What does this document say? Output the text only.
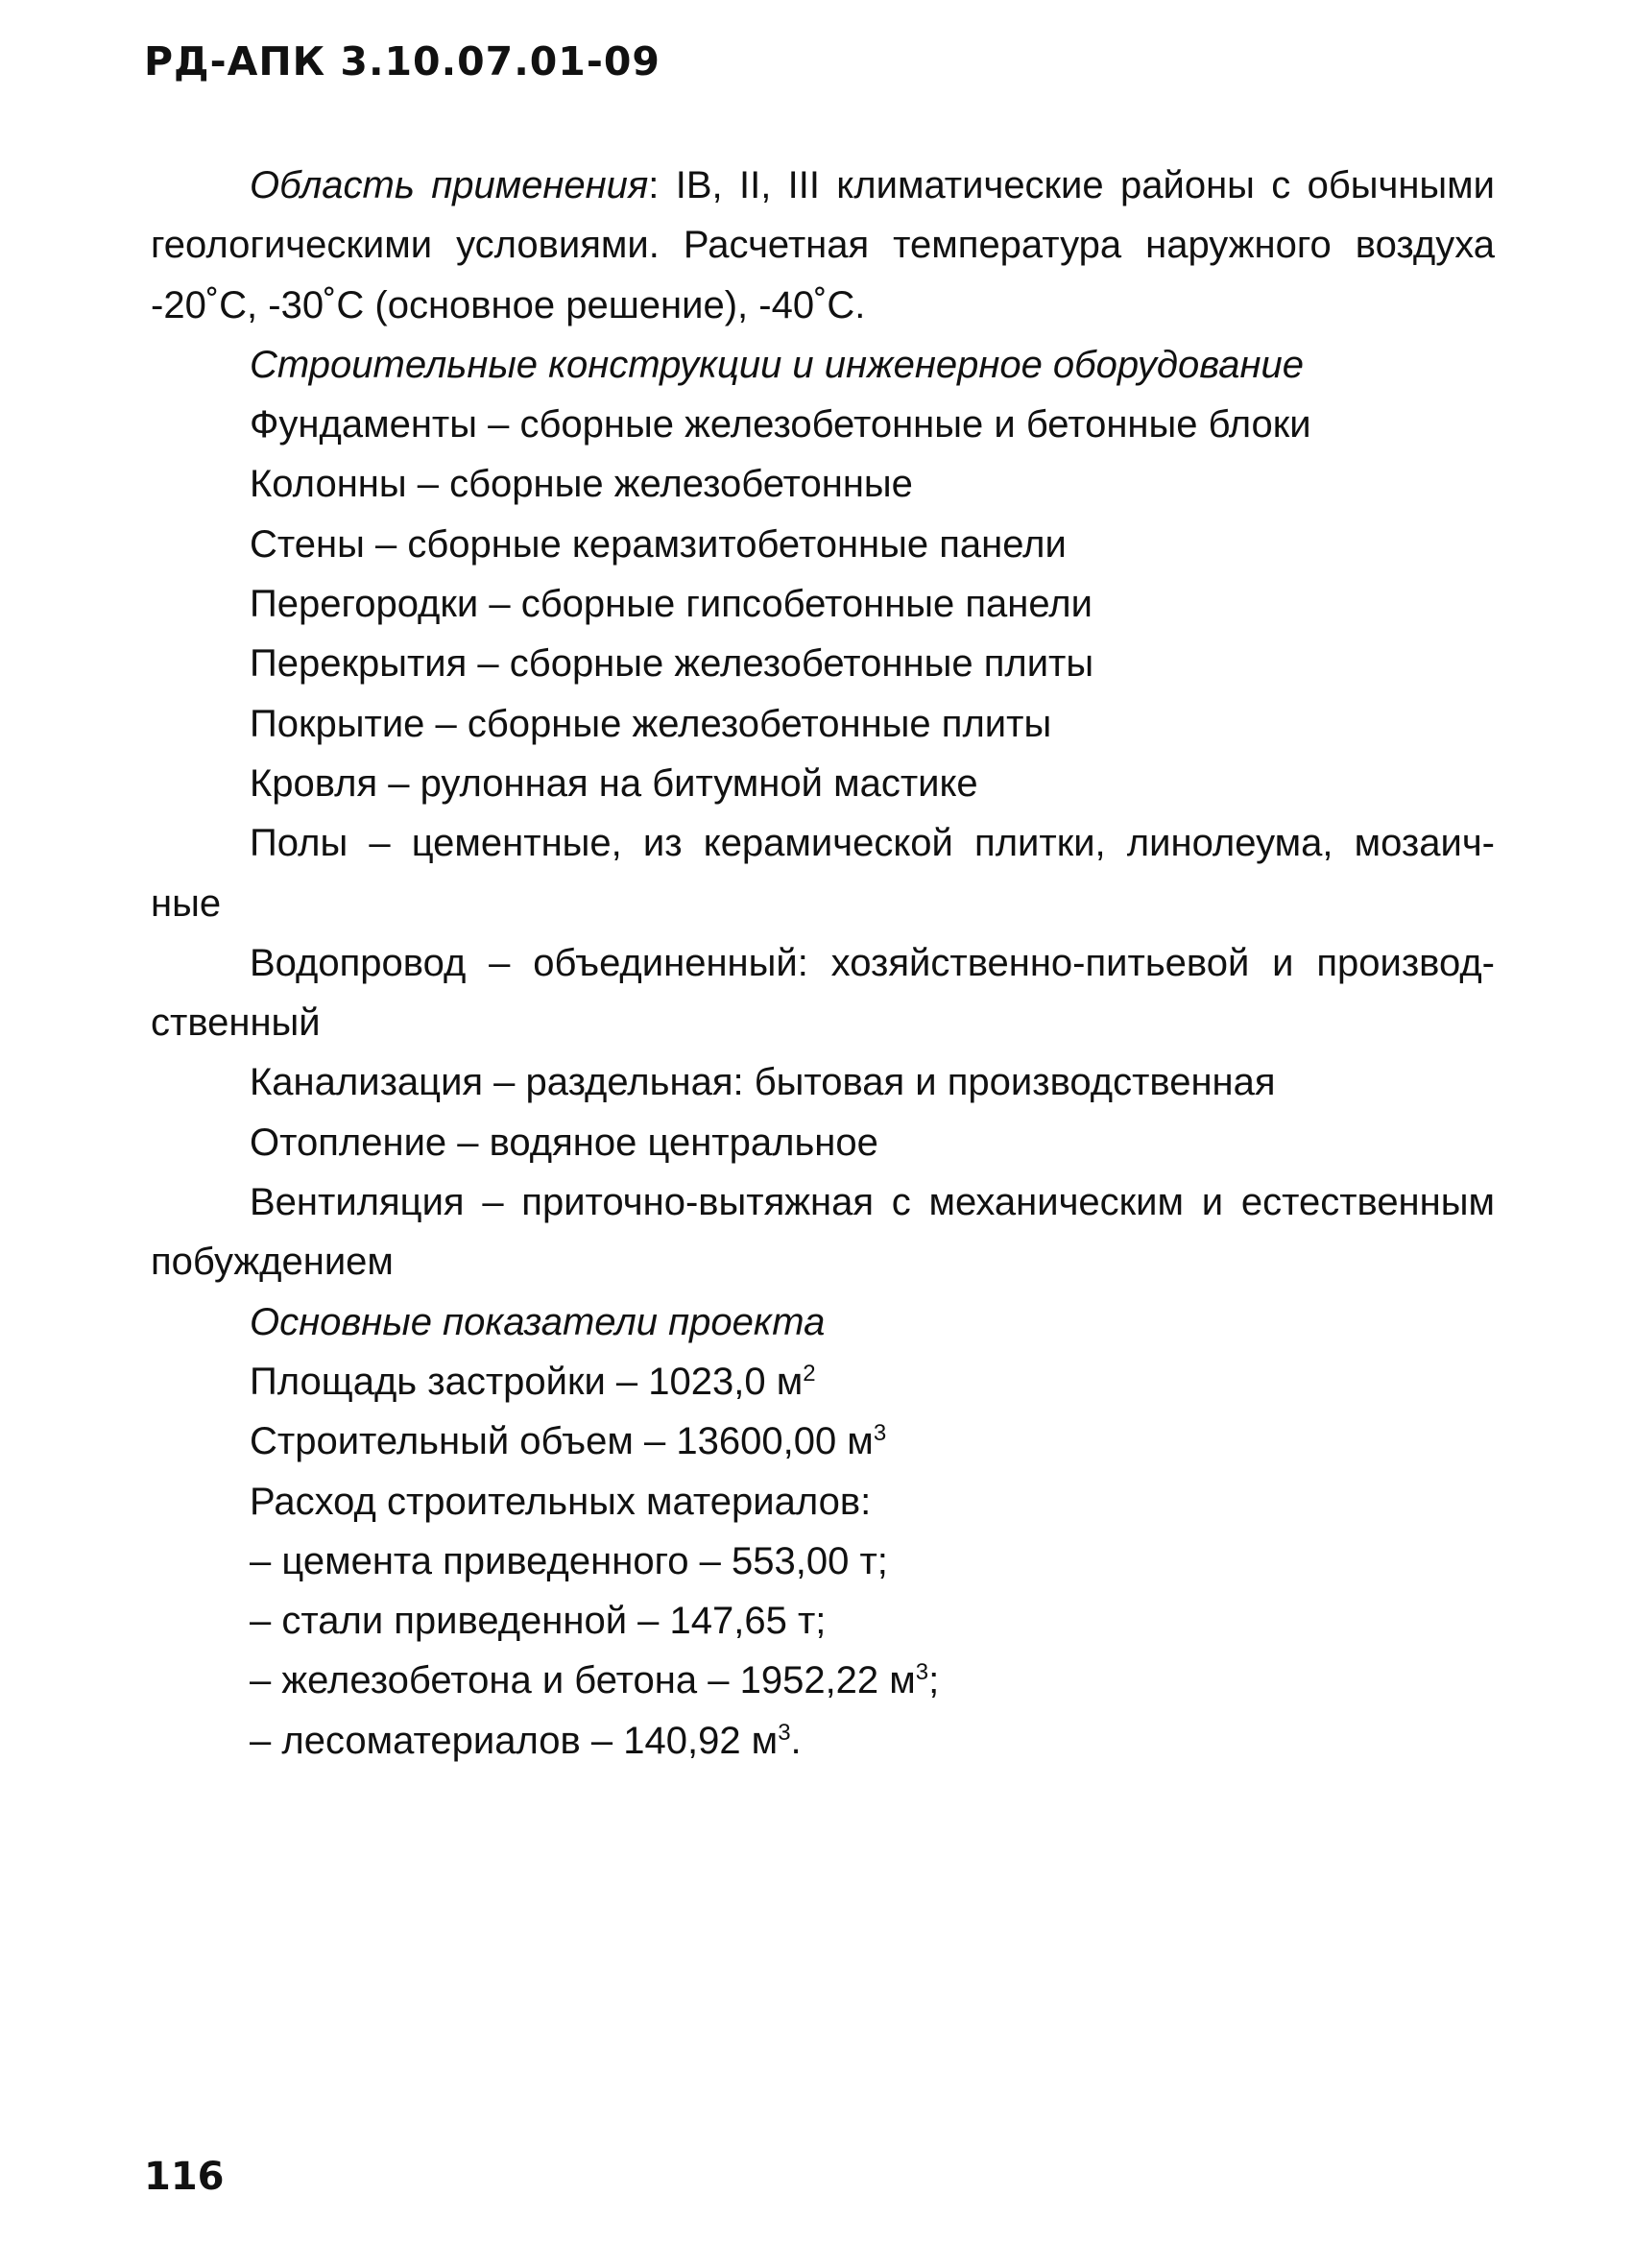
РД-АПК 3.10.07.01-09
Область применения: IB, II, III климатические районы с обычными
геологическими условиями. Расчетная температура наружного воздуха
-20˚С, -30˚С (основное решение), -40˚С.
Строительные конструкции и инженерное оборудование
Фундаменты – сборные железобетонные и бетонные блоки
Колонны – сборные железобетонные
Стены – сборные керамзитобетонные панели
Перегородки – сборные гипсобетонные панели
Перекрытия – сборные железобетонные плиты
Покрытие – сборные железобетонные плиты
Кровля – рулонная на битумной мастике
Полы – цементные, из керамической плитки, линолеума, мозаич-
ные
Водопровод – объединенный: хозяйственно-питьевой и производ-
ственный
Канализация – раздельная: бытовая и производственная
Отопление – водяное центральное
Вентиляция – приточно-вытяжная с механическим и естественным
побуждением
Основные показатели проекта
Площадь застройки – 1023,0 $м^2$
Строительный объем – 13600,00 $м^3$
Расход строительных материалов:
– цемента приведенного – 553,00 т;
– стали приведенной – 147,65 т;
– железобетона и бетона – 1952,22 $м^3$;
– лесоматериалов – 140,92 $м^3$.
116
